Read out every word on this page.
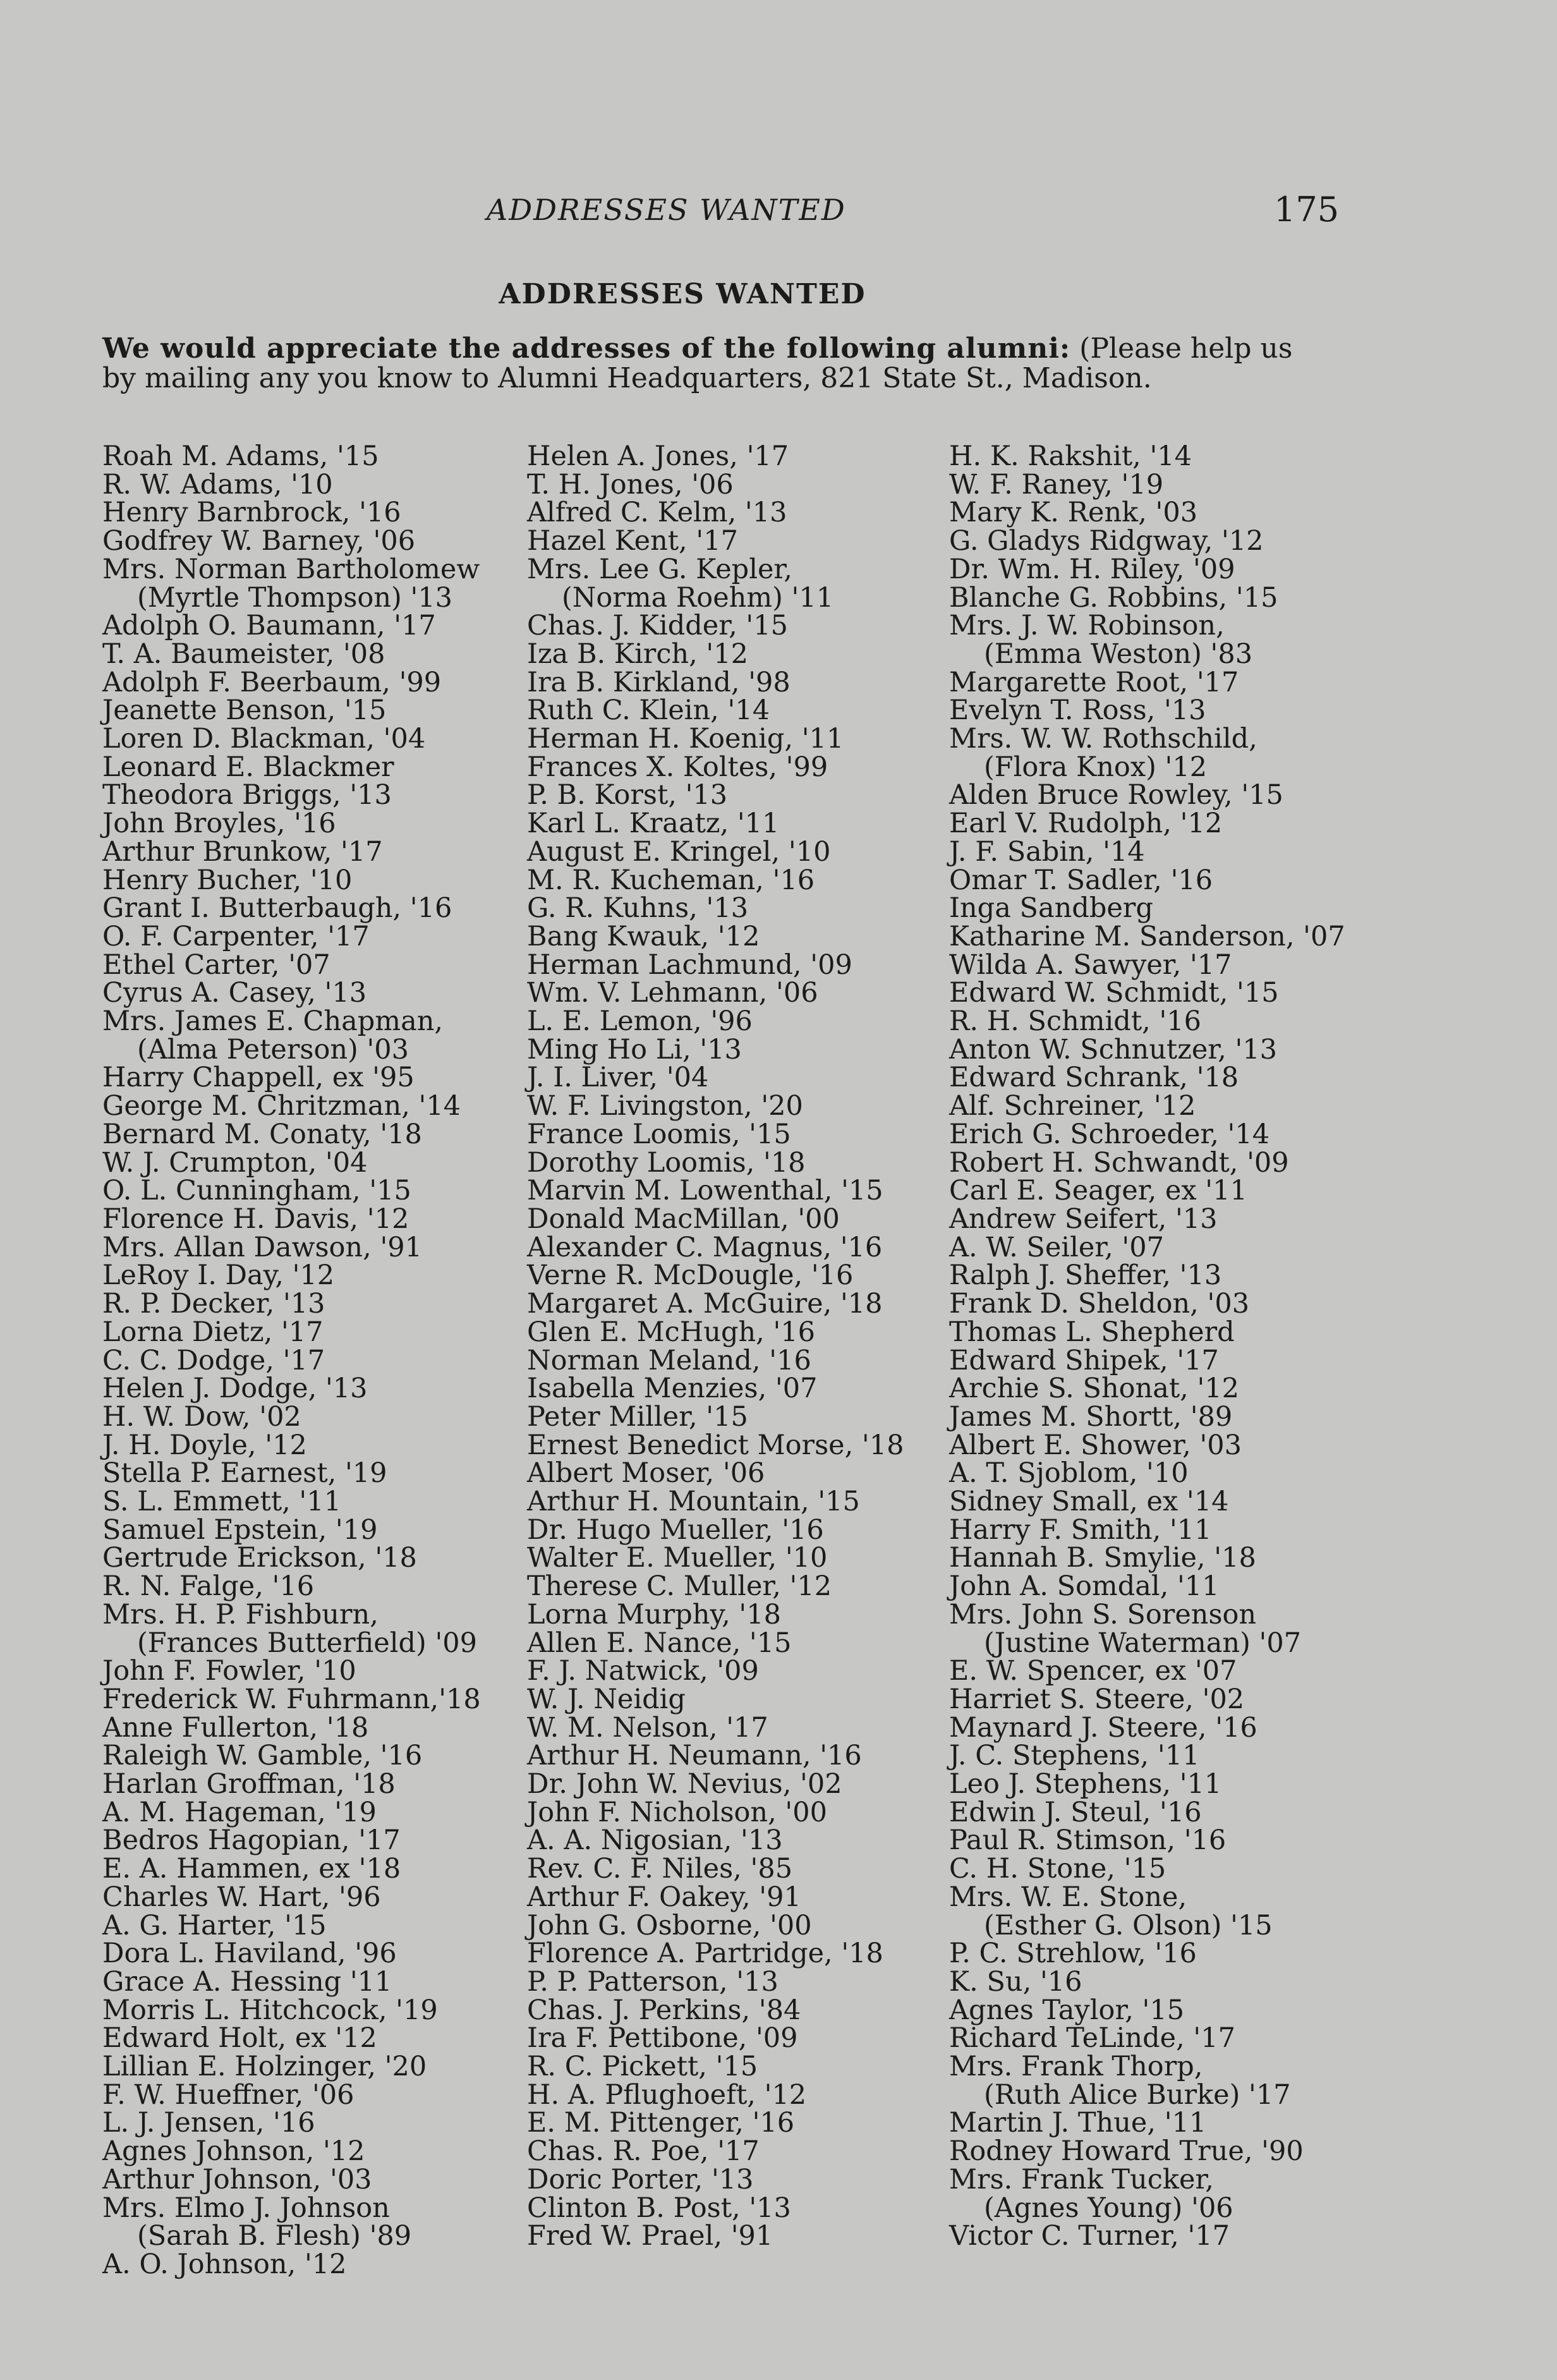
ADDRESSES WANTED	175
ADDRESSES WANTED
We would appreciate the addresses of the following alumni: (Please help us by mailing any you know to Alumni Headquarters, 821 State St., Madison.
Roah M. Adams, '15
R. W. Adams, '10
Henry Barnbrock, '16
Godfrey W. Barney, '06
Mrs. Norman Bartholomew
(Myrtle Thompson) '13
Adolph O. Baumann, '17
T. A. Baumeister, '08
Adolph F. Beerbaum, '99
Jeanette Benson, '15
Loren D. Blackman, '04
Leonard E. Blackmer
Theodora Briggs, '13
John Broyles, '16
Arthur Brunkow, '17
Henry Bucher, '10
Grant I. Butterbaugh, '16
O. F. Carpenter, '17
Ethel Carter, '07
Cyrus A. Casey, '13
Mrs. James E. Chapman,
(Alma Peterson) '03
Harry Chappell, ex '95
George M. Chritzman, '14
Bernard M. Conaty, '18
W. J. Crumpton, '04
O. L. Cunningham, '15
Florence H. Davis, '12
Mrs. Allan Dawson, '91
LeRoy I. Day, '12
R. P. Decker, '13
Lorna Dietz, '17
C. C. Dodge, '17
Helen J. Dodge, '13
H. W. Dow, '02
J. H. Doyle, '12
Stella P. Earnest, '19
S. L. Emmett, '11
Samuel Epstein, '19
Gertrude Erickson, '18
R. N. Falge, '16
Mrs. H. P. Fishburn,
(Frances Butterfield) '09
John F. Fowler, '10
Frederick W. Fuhrmann,'18
Anne Fullerton, '18
Raleigh W. Gamble, '16
Harlan Groffman, '18
A. M. Hageman, '19
Bedros Hagopian, '17
E. A. Hammen, ex '18
Charles W. Hart, '96
A. G. Harter, '15
Dora L. Haviland, '96
Grace A. Hessing '11
Morris L. Hitchcock, '19
Edward Holt, ex '12
Lillian E. Holzinger, '20
F. W. Hueffner, '06
L. J. Jensen, '16
Agnes Johnson, '12
Arthur Johnson, '03
Mrs. Elmo J. Johnson
(Sarah B. Flesh) '89
A. O. Johnson, '12
Helen A. Jones, '17
T. H. Jones, '06
Alfred C. Kelm, '13
Hazel Kent, '17
Mrs. Lee G. Kepler,
(Norma Roehm) '11
Chas. J. Kidder, '15
Iza B. Kirch, '12
Ira B. Kirkland, '98
Ruth C. Klein, '14
Herman H. Koenig, '11
Frances X. Koltes, '99
P. B. Korst, '13
Karl L. Kraatz, '11
August E. Kringel, '10
M. R. Kucheman, '16
G. R. Kuhns, '13
Bang Kwauk, '12
Herman Lachmund, '09
Wm. V. Lehmann, '06
L. E. Lemon, '96
Ming Ho Li, '13
J. I. Liver, '04
W. F. Livingston, '20
France Loomis, '15
Dorothy Loomis, '18
Marvin M. Lowenthal, '15
Donald MacMillan, '00
Alexander C. Magnus, '16
Verne R. McDougle, '16
Margaret A. McGuire, '18
Glen E. McHugh, '16
Norman Meland, '16
Isabella Menzies, '07
Peter Miller, '15
Ernest Benedict Morse, '18
Albert Moser, '06
Arthur H. Mountain, '15
Dr. Hugo Mueller, '16
Walter E. Mueller, '10
Therese C. Muller, '12
Lorna Murphy, '18
Allen E. Nance, '15
F. J. Natwick, '09
W. J. Neidig
W. M. Nelson, '17
Arthur H. Neumann, '16
Dr. John W. Nevius, '02
John F. Nicholson, '00
A. A. Nigosian, '13
Rev. C. F. Niles, '85
Arthur F. Oakey, '91
John G. Osborne, '00
Florence A. Partridge, '18
P. P. Patterson, '13
Chas. J. Perkins, '84
Ira F. Pettibone, '09
R. C. Pickett, '15
H. A. Pflughoeft, '12
E. M. Pittenger, '16
Chas. R. Poe, '17
Doric Porter, '13
Clinton B. Post, '13
Fred W. Prael, '91
H. K. Rakshit, '14
W. F. Raney, '19
Mary K. Renk, '03
G. Gladys Ridgway, '12
Dr. Wm. H. Riley, '09
Blanche G. Robbins, '15
Mrs. J. W. Robinson,
(Emma Weston) '83
Margarette Root, '17
Evelyn T. Ross, '13
Mrs. W. W. Rothschild,
(Flora Knox) '12
Alden Bruce Rowley, '15
Earl V. Rudolph, '12
J. F. Sabin, '14
Omar T. Sadler, '16
Inga Sandberg
Katharine M. Sanderson, '07
Wilda A. Sawyer, '17
Edward W. Schmidt, '15
R. H. Schmidt, '16
Anton W. Schnutzer, '13
Edward Schrank, '18
Alf. Schreiner, '12
Erich G. Schroeder, '14
Robert H. Schwandt, '09
Carl E. Seager, ex '11
Andrew Seifert, '13
A. W. Seiler, '07
Ralph J. Sheffer, '13
Frank D. Sheldon, '03
Thomas L. Shepherd
Edward Shipek, '17
Archie S. Shonat, '12
James M. Shortt, '89
Albert E. Shower, '03
A. T. Sjoblom, '10
Sidney Small, ex '14
Harry F. Smith, '11
Hannah B. Smylie, '18
John A. Somdal, '11
Mrs. John S. Sorenson
(Justine Waterman) '07
E. W. Spencer, ex '07
Harriet S. Steere, '02
Maynard J. Steere, '16
J. C. Stephens, '11
Leo J. Stephens, '11
Edwin J. Steul, '16
Paul R. Stimson, '16
C. H. Stone, '15
Mrs. W. E. Stone,
(Esther G. Olson) '15
P. C. Strehlow, '16
K. Su, '16
Agnes Taylor, '15
Richard TeLinde, '17
Mrs. Frank Thorp,
(Ruth Alice Burke) '17
Martin J. Thue, '11
Rodney Howard True, '90
Mrs. Frank Tucker,
(Agnes Young) '06
Victor C. Turner, '17
